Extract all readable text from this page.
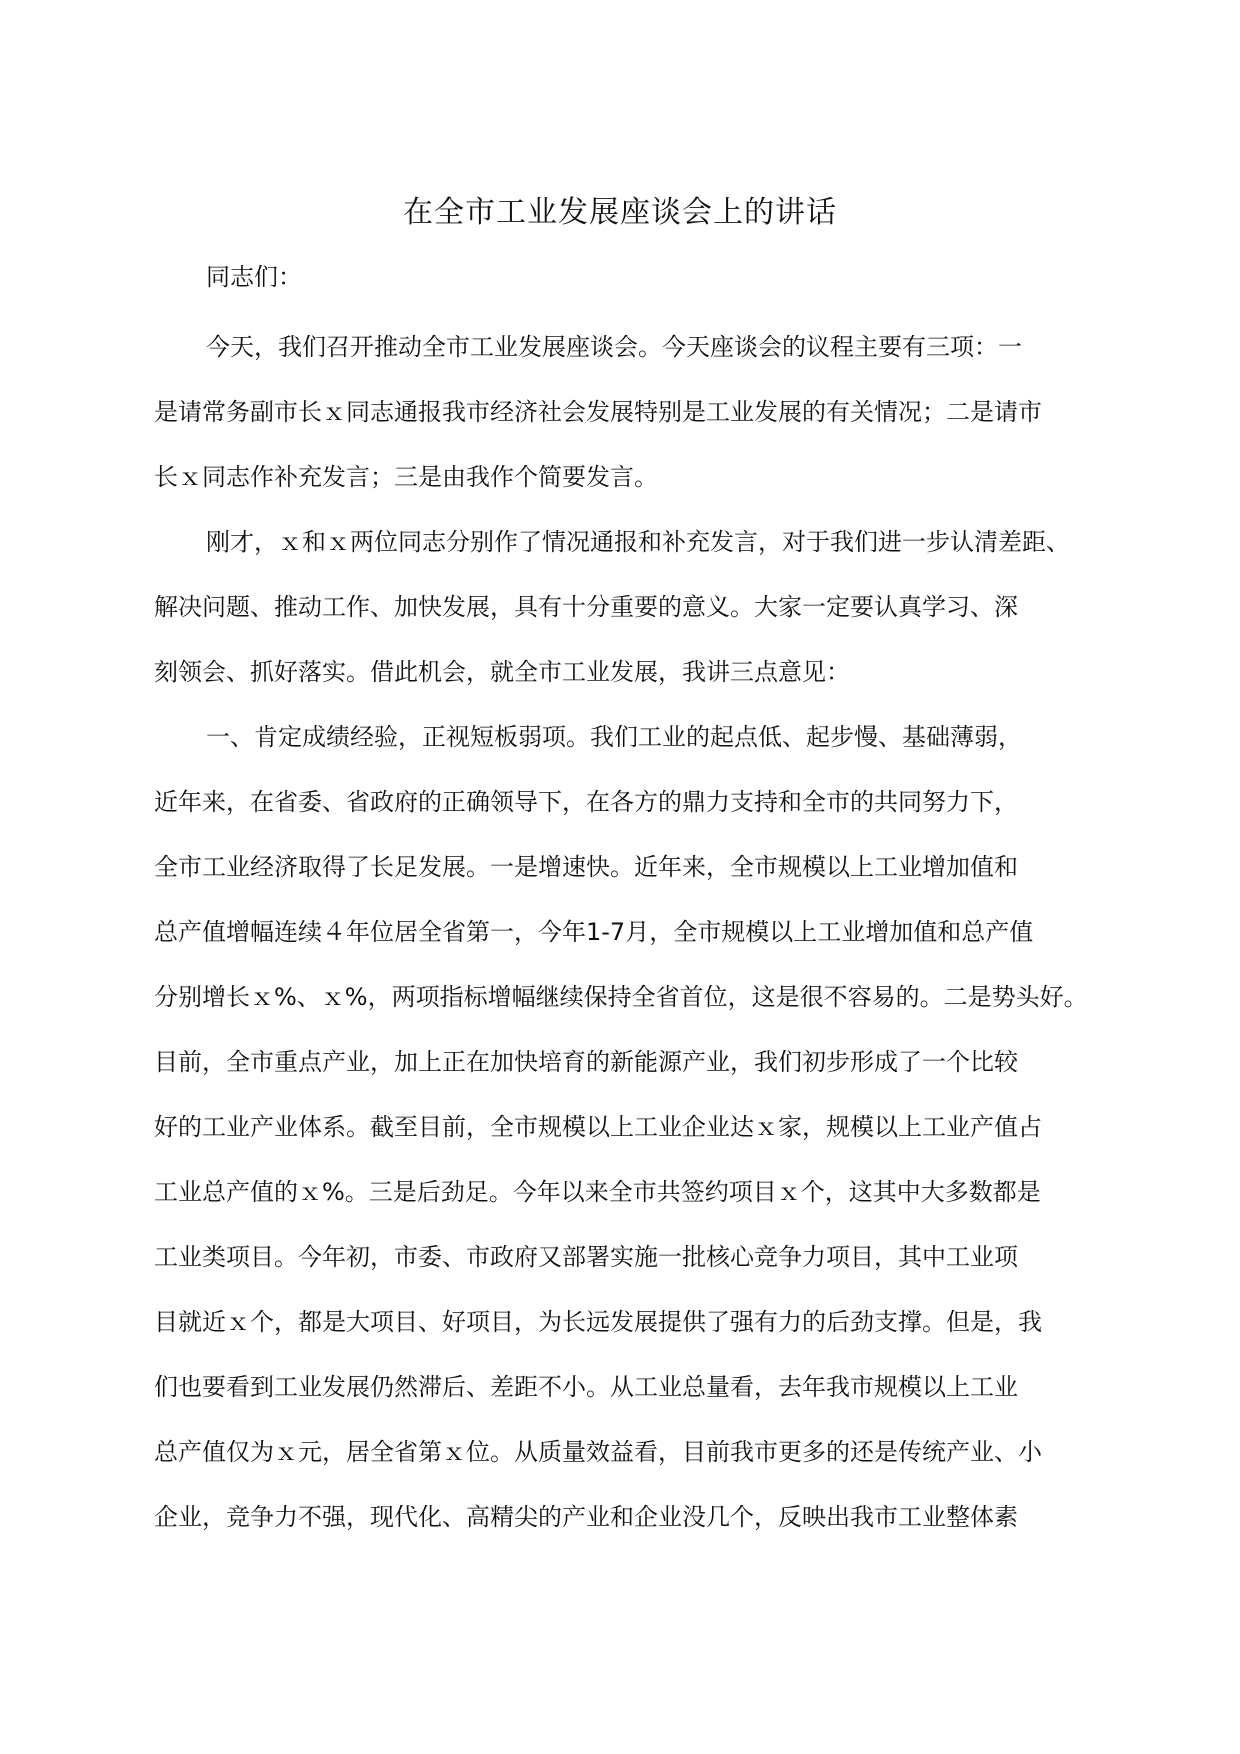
在全市工业发展座谈会上的讲话

同志们：

今天，我们召开推动全市工业发展座谈会。今天座谈会的议程主要有三项：一
是请常务副市长ｘ同志通报我市经济社会发展特别是工业发展的有关情况；二是请市
长ｘ同志作补充发言；三是由我作个简要发言。
刚才，ｘ和ｘ两位同志分别作了情况通报和补充发言，对于我们进一步认清差距、
解决问题、推动工作、加快发展，具有十分重要的意义。大家一定要认真学习、深
刻领会、抓好落实。借此机会，就全市工业发展，我讲三点意见：
一、肯定成绩经验，正视短板弱项。我们工业的起点低、起步慢、基础薄弱，
近年来，在省委、省政府的正确领导下，在各方的鼎力支持和全市的共同努力下，
全市工业经济取得了长足发展。一是增速快。近年来，全市规模以上工业增加值和
总产值增幅连续４年位居全省第一，今年1-7月，全市规模以上工业增加值和总产值
分别增长ｘ%、ｘ%，两项指标增幅继续保持全省首位，这是很不容易的。二是势头好。
目前，全市重点产业，加上正在加快培育的新能源产业，我们初步形成了一个比较
好的工业产业体系。截至目前，全市规模以上工业企业达ｘ家，规模以上工业产值占
工业总产值的ｘ%。三是后劲足。今年以来全市共签约项目ｘ个，这其中大多数都是
工业类项目。今年初，市委、市政府又部署实施一批核心竞争力项目，其中工业项
目就近ｘ个，都是大项目、好项目，为长远发展提供了强有力的后劲支撑。但是，我
们也要看到工业发展仍然滞后、差距不小。从工业总量看，去年我市规模以上工业
总产值仅为ｘ元，居全省第ｘ位。从质量效益看，目前我市更多的还是传统产业、小
企业，竞争力不强，现代化、高精尖的产业和企业没几个，反映出我市工业整体素
